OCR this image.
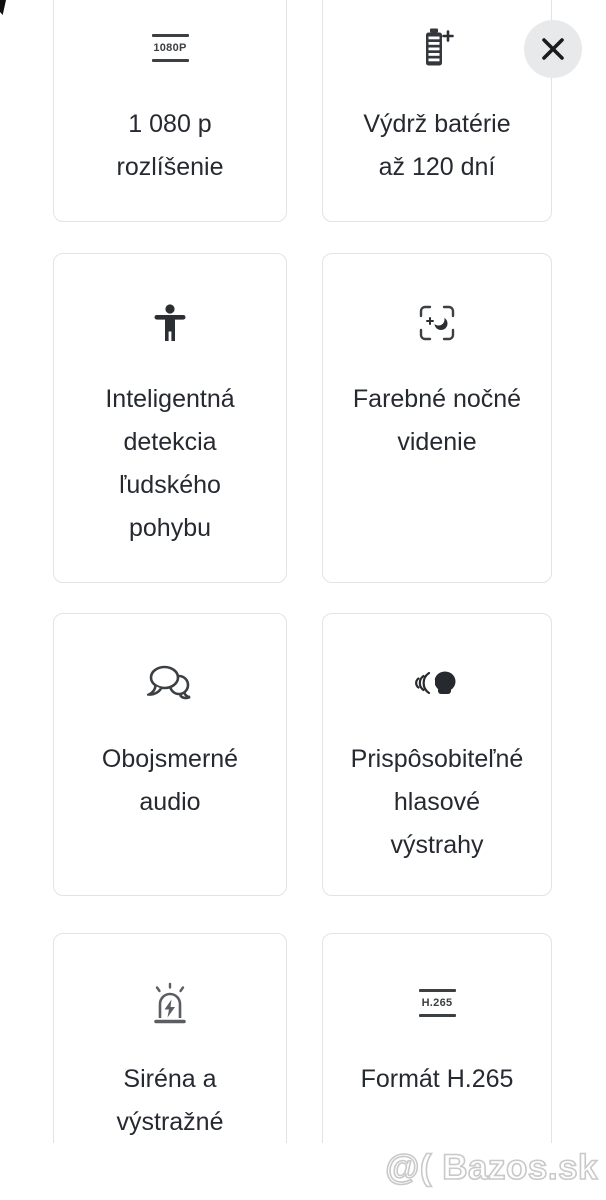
1080P
1 080 p
rozlíšenie
Výdrž batérie
až 120 dní
Inteligentná
detekcia
ľudského
pohybu
Farebné nočné
videnie
Obojsmerné
audio
Prispôsobiteľné
hlasové
výstrahy
Siréna a
výstražné
H.265
Formát H.265
@( Bazos.sk
